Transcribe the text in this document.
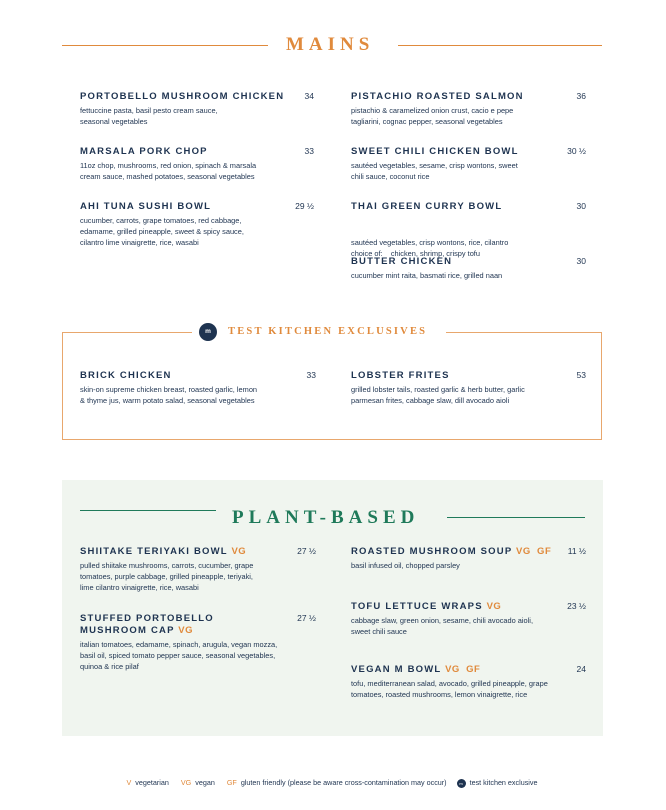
MAINS
PORTOBELLO MUSHROOM CHICKEN
fettuccine pasta, basil pesto cream sauce,
seasonal vegetables
34
MARSALA PORK CHOP
11oz chop, mushrooms, red onion, spinach & marsala
cream sauce, mashed potatoes, seasonal vegetables
33
AHI TUNA SUSHI BOWL
cucumber, carrots, grape tomatoes, red cabbage,
edamame, grilled pineapple, sweet & spicy sauce,
cilantro lime vinaigrette, rice, wasabi
29 ½
PISTACHIO ROASTED SALMON
pistachio & caramelized onion crust, cacio e pepe
tagliarini, cognac pepper, seasonal vegetables
36
SWEET CHILI CHICKEN BOWL
sautéed vegetables, sesame, crisp wontons, sweet
chili sauce, coconut rice
30 ½
THAI GREEN CURRY BOWL

sautéed vegetables, crisp wontons, rice, cilantro
choice of:    chicken, shrimp, crispy tofu

30
BUTTER CHICKEN
cucumber mint raita, basmati rice, grilled naan
30
m	TEST KITCHEN EXCLUSIVES
BRICK CHICKEN
skin-on supreme chicken breast, roasted garlic, lemon
& thyme jus, warm potato salad, seasonal vegetables
33	LOBSTER FRITES
grilled lobster tails, roasted garlic & herb butter, garlic
parmesan frites, cabbage slaw, dill avocado aioli
53
PLANT-BASED
SHIITAKE TERIYAKI BOWL VG
pulled shiitake mushrooms, carrots, cucumber, grape
tomatoes, purple cabbage, grilled pineapple, teriyaki,
lime cilantro vinaigrette, rice, wasabi
27 ½
STUFFED PORTOBELLO
MUSHROOM CAP VG
italian tomatoes, edamame, spinach, arugula, vegan mozza,
basil oil, spiced tomato pepper sauce, seasonal vegetables,
quinoa & rice pilaf
27 ½
ROASTED MUSHROOM SOUP VG  GF
basil infused oil, chopped parsley
11 ½
TOFU LETTUCE WRAPS VG
cabbage slaw, green onion, sesame, chili avocado aioli,
sweet chili sauce
23 ½
VEGAN M BOWL VG  GF
tofu, mediterranean salad, avocado, grilled pineapple, grape
tomatoes, roasted mushrooms, lemon vinaigrette, rice
24
V vegetarian VG vegan GF gluten friendly (please be aware cross-contamination may occur)	m test kitchen exclusive
